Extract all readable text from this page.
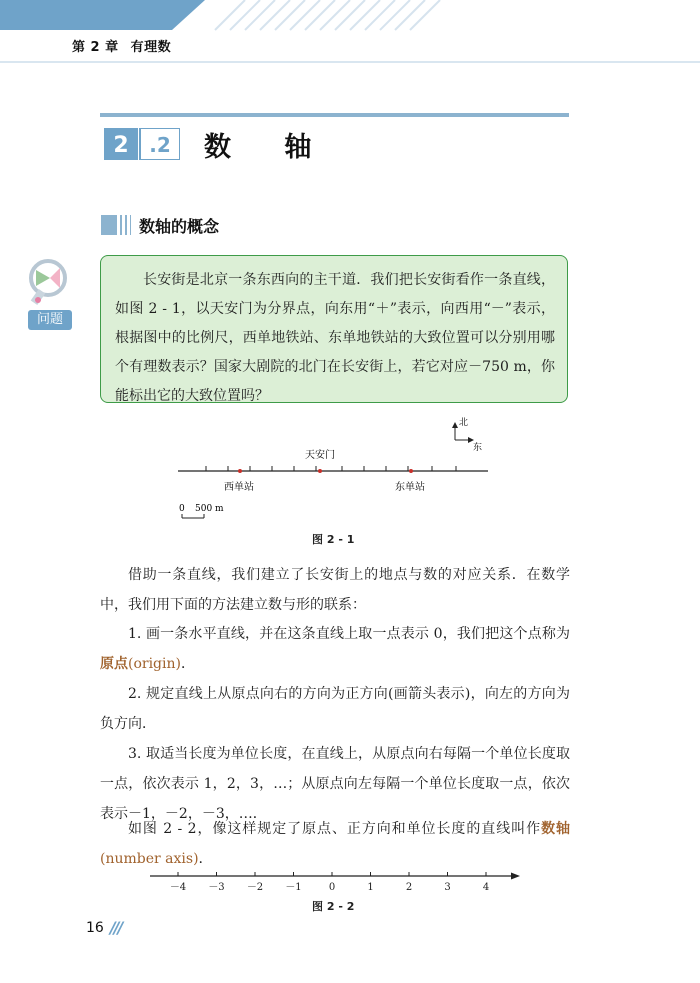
第 2 章 有理数
2 .2 数 轴
数轴的概念
问题

长安街是北京一条东西向的主干道．我们把长安街看作一条直线，如图 2 - 1，以天安门为分界点，向东用“＋”表示，向西用“－”表示，根据图中的比例尺，西单地铁站、东单地铁站的大致位置可以分别用哪个有理数表示？国家大剧院的北门在长安街上，若它对应－750 m，你能标出它的大致位置吗？

北
东
天安门
西单站	东单站
0 500 m
图 2 - 1

借助一条直线，我们建立了长安街上的地点与数的对应关系．在数学中，我们用下面的方法建立数与形的联系：

1. 画一条水平直线，并在这条直线上取一点表示 0，我们把这个点称为原点(origin)．

2. 规定直线上从原点向右的方向为正方向(画箭头表示)，向左的方向为负方向．

3. 取适当长度为单位长度，在直线上，从原点向右每隔一个单位长度取一点，依次表示 1，2，3，…；从原点向左每隔一个单位长度取一点，依次表示－1，－2，－3，…．

如图 2 - 2，像这样规定了原点、正方向和单位长度的直线叫作数轴(number axis).

－4 －3 －2 －1	0	1	2	3	4
图 2 - 2
16 ///
